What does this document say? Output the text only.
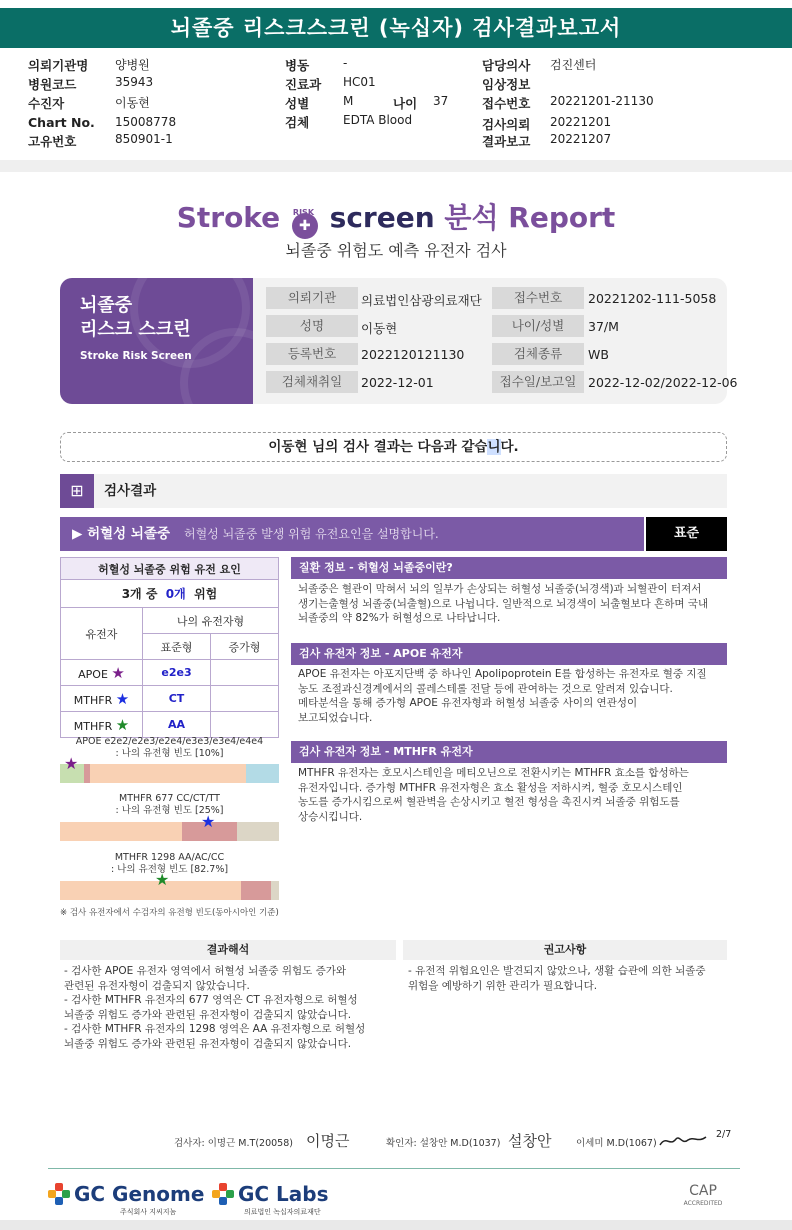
뇌졸중 리스크스크린 (녹십자) 검사결과보고서
의뢰기관명 양병원
병원코드	35943
수진자	이동현
Chart No. 15008778
고유번호	850901-1
병동	-
진료과 HC01
성별	M	나이 37
검체	EDTA Blood
담당의사 검진센터
임상정보
접수번호 20221201-21130
검사의뢰 20221201
결과보고 20221207
Stroke ✚
RISK screen 분석 Report
뇌졸중 위험도 예측 유전자 검사
뇌졸중
리스크 스크린
Stroke Risk Screen
의뢰기관	의료법인삼광의료재단	접수번호	20221202-111-5058
성명	이동현	나이/성별	37/M
등록번호	2022120121130	검체종류	WB
검체채취일	2022-12-01	접수일/보고일 2022-12-02/2022-12-06
이동현 님의 검사 결과는 다음과 같습니다.
⊞	검사결과
▶ 허혈성 뇌졸중 허혈성 뇌졸중 발생 위험 유전요인을 설명합니다.	표준
허혈성 뇌졸중 위험 유전 요인		
3개 중 0개 위험		
유전자	나의 유전자형	
	표준형	증가형
APOE ★	e2e3	
MTHFR ★	CT	
MTHFR ★	AA	
APOE e2e2/e2e3/e2e4/e3e3/e3e4/e4e4
: 나의 유전형 빈도 [10%]
★
MTHFR 677 CC/CT/TT
: 나의 유전형 빈도 [25%]
★
MTHFR 1298 AA/AC/CC
: 나의 유전형 빈도 [82.7%]
★
※ 검사 유전자에서 수검자의 유전형 빈도(동아시아인 기준)
질환 정보 - 허혈성 뇌졸중이란?
뇌졸중은 혈관이 막혀서 뇌의 일부가 손상되는 허혈성 뇌졸중(뇌경색)과 뇌혈관이 터져서
생기는출혈성 뇌졸중(뇌출혈)으로 나뉩니다. 일반적으로 뇌경색이 뇌출혈보다 흔하며 국내
뇌졸중의 약 82%가 허혈성으로 나타납니다.
검사 유전자 정보 - APOE 유전자
APOE 유전자는 아포지단백 중 하나인 Apolipoprotein E를 합성하는 유전자로 혈중 지질
농도 조절과신경계에서의 콜레스테롤 전달 등에 관여하는 것으로 알려져 있습니다.
메타분석을 통해 증가형 APOE 유전자형과 허혈성 뇌졸중 사이의 연관성이
보고되었습니다.
검사 유전자 정보 - MTHFR 유전자
MTHFR 유전자는 호모시스테인을 메티오닌으로 전환시키는 MTHFR 효소를 합성하는
유전자입니다. 증가형 MTHFR 유전자형은 효소 활성을 저하시켜, 혈중 호모시스테인
농도를 증가시킴으로써 혈관벽을 손상시키고 혈전 형성을 촉진시켜 뇌졸중 위험도를
상승시킵니다.
결과해석
- 검사한 APOE 유전자 영역에서 허혈성 뇌졸중 위험도 증가와
관련된 유전자형이 검출되지 않았습니다.
- 검사한 MTHFR 유전자의 677 영역은 CT 유전자형으로 허혈성
뇌졸중 위험도 증가와 관련된 유전자형이 검출되지 않았습니다.
- 검사한 MTHFR 유전자의 1298 영역은 AA 유전자형으로 허혈성
뇌졸중 위험도 증가와 관련된 유전자형이 검출되지 않았습니다.
권고사항
- 유전적 위험요인은 발견되지 않았으나, 생활 습관에 의한 뇌졸중
위험을 예방하기 위한 관리가 필요합니다.
검사자: 이명근 M.T(20058) 이명근	확인자: 설창안 M.D(1037) 설창안	이세미 M.D(1067)
2/7
GC Genome
주식회사 지씨지놈
GC Labs
의료법인 녹십자의료재단
CAP
ACCREDITED
